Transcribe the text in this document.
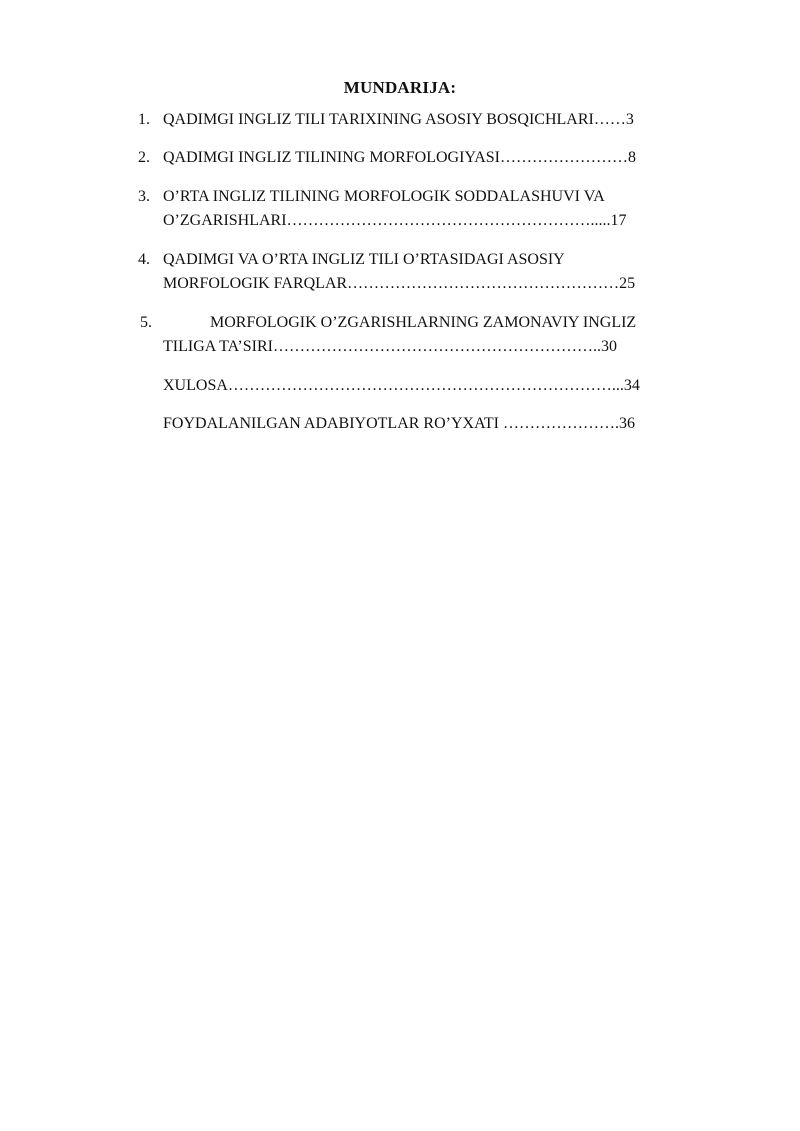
MUNDARIJA:
1. QADIMGI INGLIZ TILI TARIXINING ASOSIY BOSQICHLARI……3
2. QADIMGI INGLIZ TILINING MORFOLOGIYASI……………………8
3. O’RTA INGLIZ TILINING MORFOLOGIK SODDALASHUVI VA
O’ZGARISHLARI………………………………………………….....17
4. QADIMGI VA O’RTA INGLIZ TILI O’RTASIDAGI ASOSIY
MORFOLOGIK FARQLAR……………………………………………25
5.	MORFOLOGIK O’ZGARISHLARNING ZAMONAVIY INGLIZ
TILIGA TA’SIRI……………………………………………………..30
XULOSA………………………………………………………………...34
FOYDALANILGAN ADABIYOTLAR RO’YXATI ………………….36
